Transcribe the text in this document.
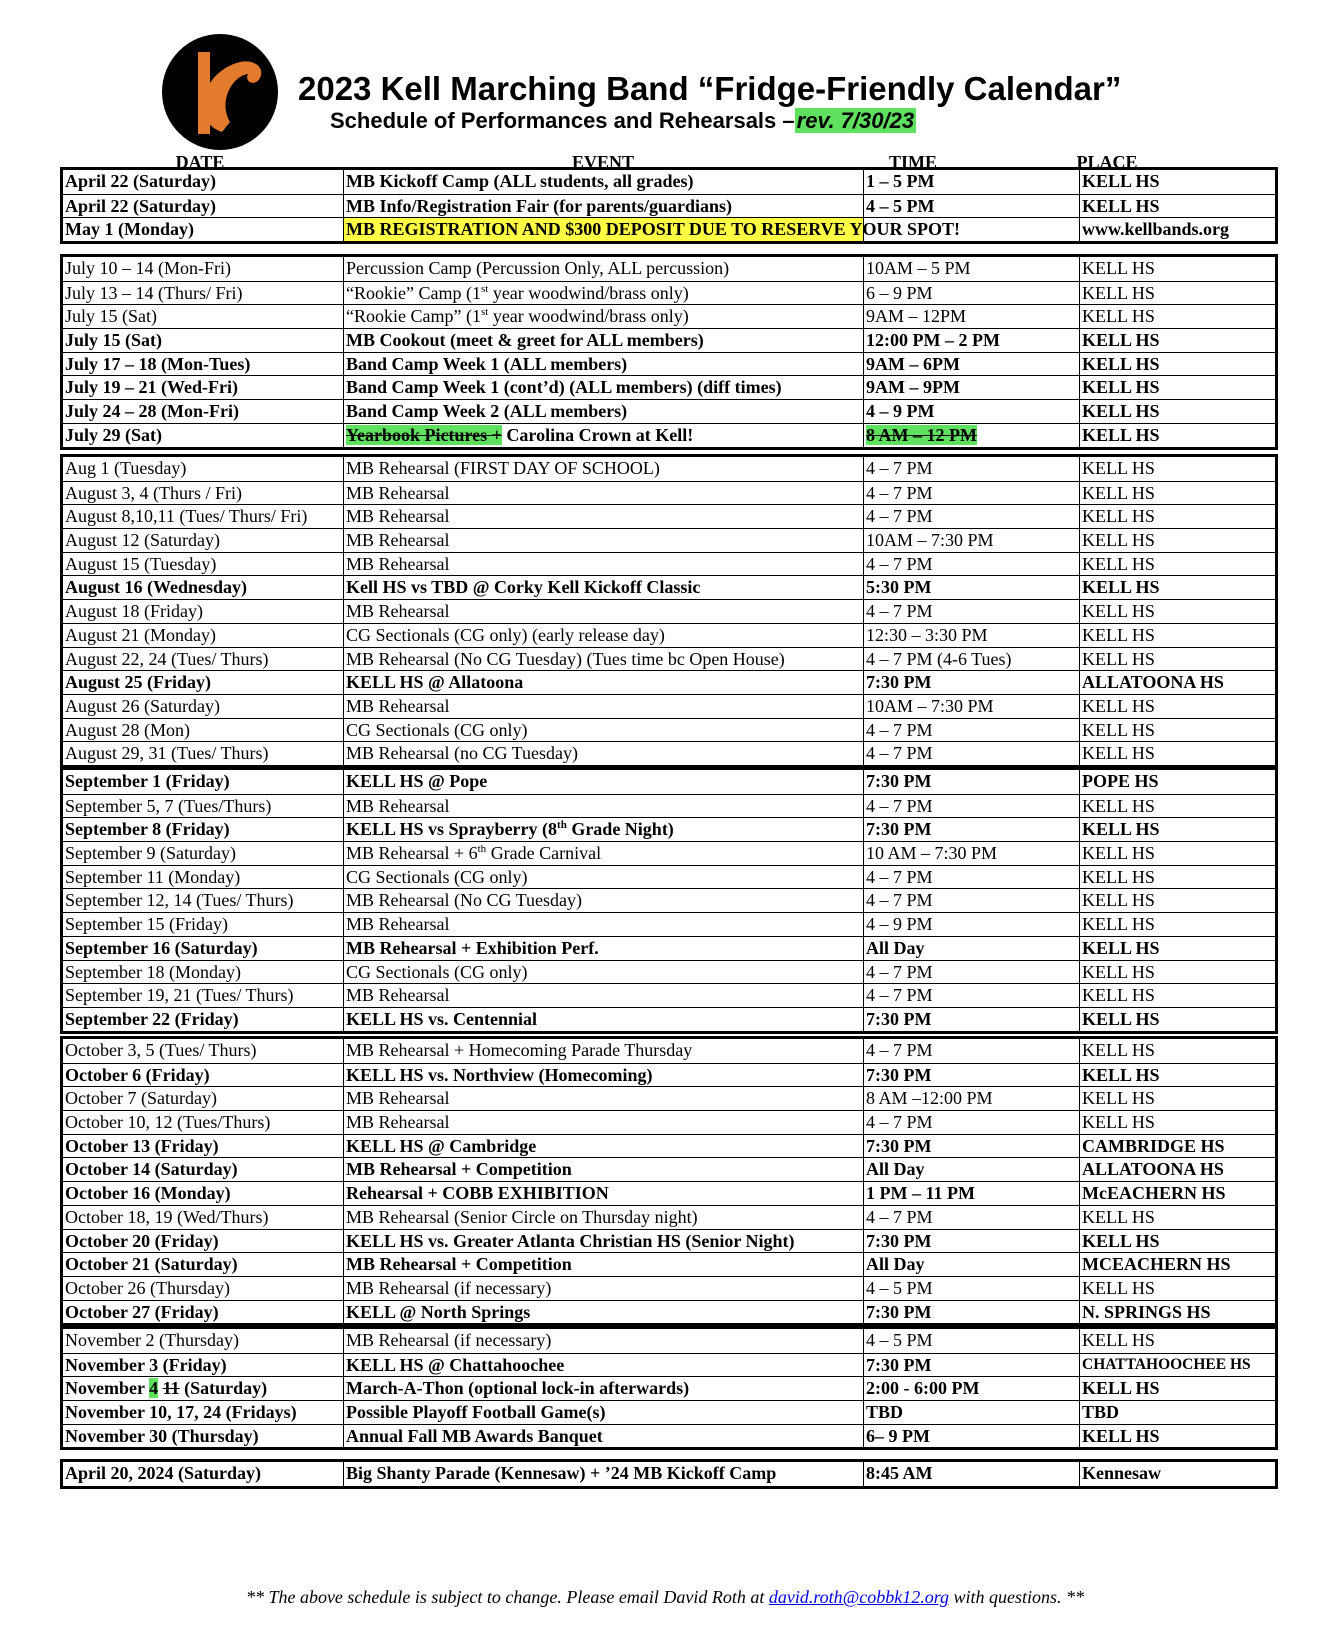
2023 Kell Marching Band “Fridge-Friendly Calendar”
Schedule of Performances and Rehearsals –rev. 7/30/23
DATE	EVENT	TIME	PLACE
April 22 (Saturday)	MB Kickoff Camp (ALL students, all grades)	1 – 5 PM	KELL HS
April 22 (Saturday)	MB Info/Registration Fair (for parents/guardians)	4 – 5 PM	KELL HS
May 1 (Monday)	MB REGISTRATION AND $300 DEPOSIT DUE TO RESERVE YOUR SPOT!	www.kellbands.org
July 10 – 14 (Mon-Fri)	Percussion Camp (Percussion Only, ALL percussion)	10AM – 5 PM	KELL HS
July 13 – 14 (Thurs/ Fri)	“Rookie” Camp (1st year woodwind/brass only)	6 – 9 PM	KELL HS
July 15 (Sat)	“Rookie Camp” (1st year woodwind/brass only)	9AM – 12PM	KELL HS
July 15 (Sat)	MB Cookout (meet & greet for ALL members)	12:00 PM – 2 PM	KELL HS
July 17 – 18 (Mon-Tues)	Band Camp Week 1 (ALL members)	9AM – 6PM	KELL HS
July 19 – 21 (Wed-Fri)	Band Camp Week 1 (cont’d) (ALL members) (diff times)	9AM – 9PM	KELL HS
July 24 – 28 (Mon-Fri)	Band Camp Week 2 (ALL members)	4 – 9 PM	KELL HS
July 29 (Sat)	Yearbook Pictures + Carolina Crown at Kell!	8 AM – 12 PM	KELL HS
Aug 1 (Tuesday)	MB Rehearsal (FIRST DAY OF SCHOOL)	4 – 7 PM	KELL HS
August 3, 4 (Thurs / Fri)	MB Rehearsal	4 – 7 PM	KELL HS
August 8,10,11 (Tues/ Thurs/ Fri)	MB Rehearsal	4 – 7 PM	KELL HS
August 12 (Saturday)	MB Rehearsal	10AM – 7:30 PM	KELL HS
August 15 (Tuesday)	MB Rehearsal	4 – 7 PM	KELL HS
August 16 (Wednesday)	Kell HS vs TBD @ Corky Kell Kickoff Classic	5:30 PM	KELL HS
August 18 (Friday)	MB Rehearsal	4 – 7 PM	KELL HS
August 21 (Monday)	CG Sectionals (CG only) (early release day)	12:30 – 3:30 PM	KELL HS
August 22, 24 (Tues/ Thurs)	MB Rehearsal (No CG Tuesday) (Tues time bc Open House)	4 – 7 PM (4-6 Tues)	KELL HS
August 25 (Friday)	KELL HS @ Allatoona	7:30 PM	ALLATOONA HS
August 26 (Saturday)	MB Rehearsal	10AM – 7:30 PM	KELL HS
August 28 (Mon)	CG Sectionals (CG only)	4 – 7 PM	KELL HS
August 29, 31 (Tues/ Thurs)	MB Rehearsal (no CG Tuesday)	4 – 7 PM	KELL HS
September 1 (Friday)	KELL HS @ Pope	7:30 PM	POPE HS
September 5, 7 (Tues/Thurs)	MB Rehearsal	4 – 7 PM	KELL HS
September 8 (Friday)	KELL HS vs Sprayberry (8th Grade Night)	7:30 PM	KELL HS
September 9 (Saturday)	MB Rehearsal + 6th Grade Carnival	10 AM – 7:30 PM	KELL HS
September 11 (Monday)	CG Sectionals (CG only)	4 – 7 PM	KELL HS
September 12, 14 (Tues/ Thurs)	MB Rehearsal (No CG Tuesday)	4 – 7 PM	KELL HS
September 15 (Friday)	MB Rehearsal	4 – 9 PM	KELL HS
September 16 (Saturday)	MB Rehearsal + Exhibition Perf.	All Day	KELL HS
September 18 (Monday)	CG Sectionals (CG only)	4 – 7 PM	KELL HS
September 19, 21 (Tues/ Thurs)	MB Rehearsal	4 – 7 PM	KELL HS
September 22 (Friday)	KELL HS vs. Centennial	7:30 PM	KELL HS
October 3, 5 (Tues/ Thurs)	MB Rehearsal + Homecoming Parade Thursday	4 – 7 PM	KELL HS
October 6 (Friday)	KELL HS vs. Northview (Homecoming)	7:30 PM	KELL HS
October 7 (Saturday)	MB Rehearsal	8 AM –12:00 PM	KELL HS
October 10, 12 (Tues/Thurs)	MB Rehearsal	4 – 7 PM	KELL HS
October 13 (Friday)	KELL HS @ Cambridge	7:30 PM	CAMBRIDGE HS
October 14 (Saturday)	MB Rehearsal + Competition	All Day	ALLATOONA HS
October 16 (Monday)	Rehearsal + COBB EXHIBITION	1 PM – 11 PM	McEACHERN HS
October 18, 19 (Wed/Thurs)	MB Rehearsal (Senior Circle on Thursday night)	4 – 7 PM	KELL HS
October 20 (Friday)	KELL HS vs. Greater Atlanta Christian HS (Senior Night)	7:30 PM	KELL HS
October 21 (Saturday)	MB Rehearsal + Competition	All Day	MCEACHERN HS
October 26 (Thursday)	MB Rehearsal (if necessary)	4 – 5 PM	KELL HS
October 27 (Friday)	KELL @ North Springs	7:30 PM	N. SPRINGS HS
November 2 (Thursday)	MB Rehearsal (if necessary)	4 – 5 PM	KELL HS
November 3 (Friday)	KELL HS @ Chattahoochee	7:30 PM	CHATTAHOOCHEE HS
November 4 11 (Saturday)	March-A-Thon (optional lock-in afterwards)	2:00 - 6:00 PM	KELL HS
November 10, 17, 24 (Fridays)	Possible Playoff Football Game(s)	TBD	TBD
November 30 (Thursday)	Annual Fall MB Awards Banquet	6– 9 PM	KELL HS
April 20, 2024 (Saturday)	Big Shanty Parade (Kennesaw) + ’24 MB Kickoff Camp	8:45 AM	Kennesaw
** The above schedule is subject to change. Please email David Roth at david.roth@cobbk12.org with questions. **
